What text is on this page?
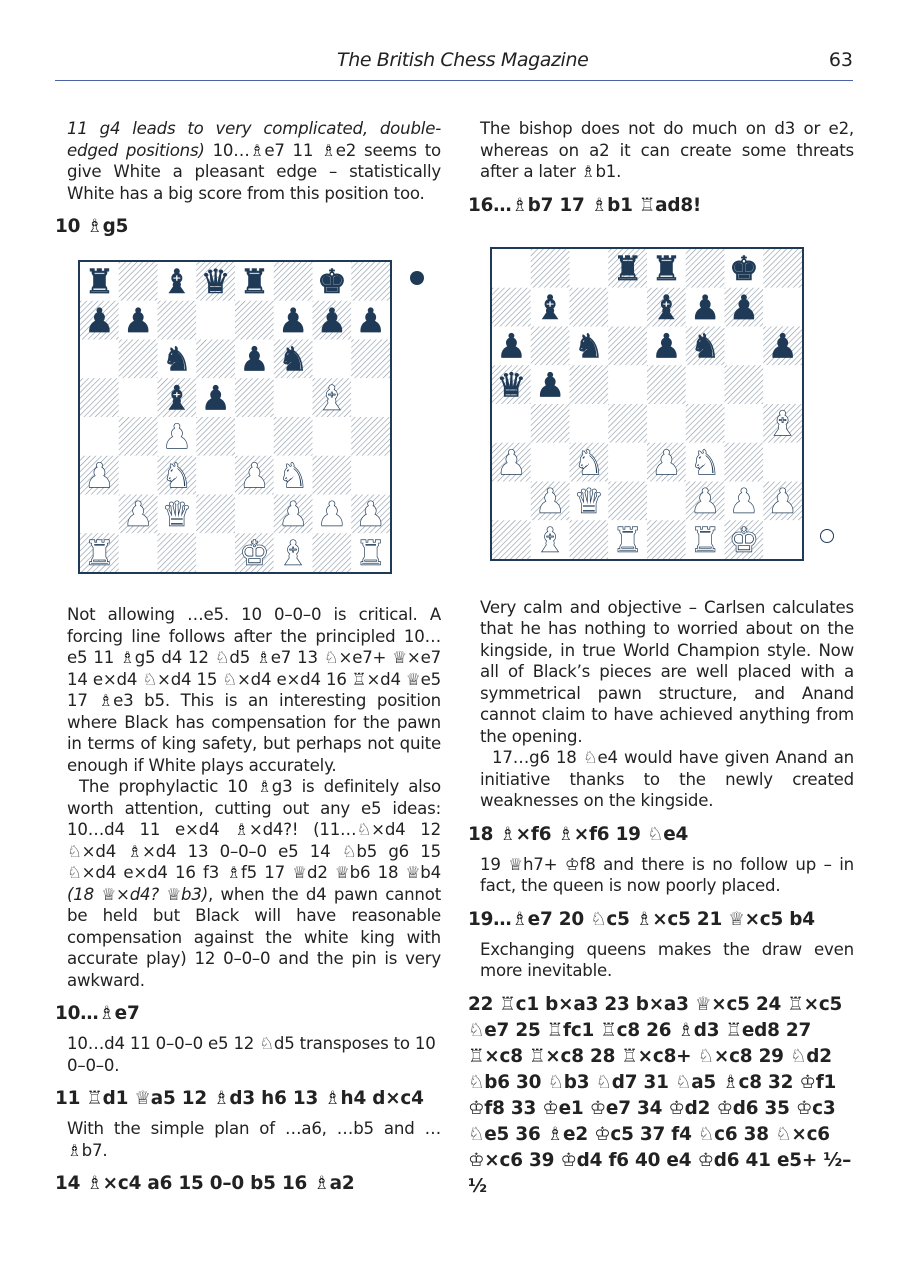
The British Chess Magazine	63

11 g4 leads to very complicated, double-edged positions) 10…♗e7 11 ♗e2 seems to give White a pleasant edge – statistically White has a big score from this position too.

10 ♗g5
♜ ♝ ♛ ♜ ♚
♟ ♟	♟ ♟ ♟
♞ ♟ ♞
♝ ♟	♝
♟
♟ ♞ ♟ ♞
♟ ♛	♟ ♟ ♟
♜	♚ ♝ ♜

Not allowing …e5. 10 0–0–0 is critical. A forcing line follows after the principled 10…e5 11 ♗g5 d4 12 ♘d5 ♗e7 13 ♘×e7+ ♕×e7 14 e×d4 ♘×d4 15 ♘×d4 e×d4 16 ♖×d4 ♕e5 17 ♗e3 b5. This is an interesting position where Black has compensation for the pawn in terms of king safety, but perhaps not quite enough if White plays accurately.

The prophylactic 10 ♗g3 is definitely also worth attention, cutting out any e5 ideas: 10…d4 11 e×d4 ♗×d4?! (11…♘×d4 12 ♘×d4 ♗×d4 13 0–0–0 e5 14 ♘b5 g6 15 ♘×d4 e×d4 16 f3 ♗f5 17 ♕d2 ♕b6 18 ♕b4 (18 ♕×d4? ♕b3), when the d4 pawn cannot be held but Black will have reasonable compensation against the white king with accurate play) 12 0–0–0 and the pin is very awkward.

10…♗e7

10…d4 11 0–0–0 e5 12 ♘d5 transposes to 10 0–0–0.

11 ♖d1 ♕a5 12 ♗d3 h6 13 ♗h4 d×c4

With the simple plan of …a6, …b5 and …♗b7.

14 ♗×c4 a6 15 0–0 b5 16 ♗a2

The bishop does not do much on d3 or e2, whereas on a2 it can create some threats after a later ♗b1.

16…♗b7 17 ♗b1 ♖ad8!
♜ ♜ ♚
♝	♝ ♟ ♟
♟ ♞ ♟ ♞ ♟
♛ ♟
♝
♟ ♞ ♟ ♞
♟ ♛	♟ ♟ ♟
♝ ♜ ♜ ♚

Very calm and objective – Carlsen calculates that he has nothing to worried about on the kingside, in true World Champion style. Now all of Black’s pieces are well placed with a symmetrical pawn structure, and Anand cannot claim to have achieved anything from the opening.

17…g6 18 ♘e4 would have given Anand an initiative thanks to the newly created weaknesses on the kingside.

18 ♗×f6 ♗×f6 19 ♘e4

19 ♕h7+ ♔f8 and there is no follow up – in fact, the queen is now poorly placed.

19…♗e7 20 ♘c5 ♗×c5 21 ♕×c5 b4

Exchanging queens makes the draw even more inevitable.

22 ♖c1 b×a3 23 b×a3 ♕×c5 24 ♖×c5 ♘e7 25 ♖fc1 ♖c8 26 ♗d3 ♖ed8 27 ♖×c8 ♖×c8 28 ♖×c8+ ♘×c8 29 ♘d2 ♘b6 30 ♘b3 ♘d7 31 ♘a5 ♗c8 32 ♔f1 ♔f8 33 ♔e1 ♔e7 34 ♔d2 ♔d6 35 ♔c3 ♘e5 36 ♗e2 ♔c5 37 f4 ♘c6 38 ♘×c6 ♔×c6 39 ♔d4 f6 40 e4 ♔d6 41 e5+ ½–½
